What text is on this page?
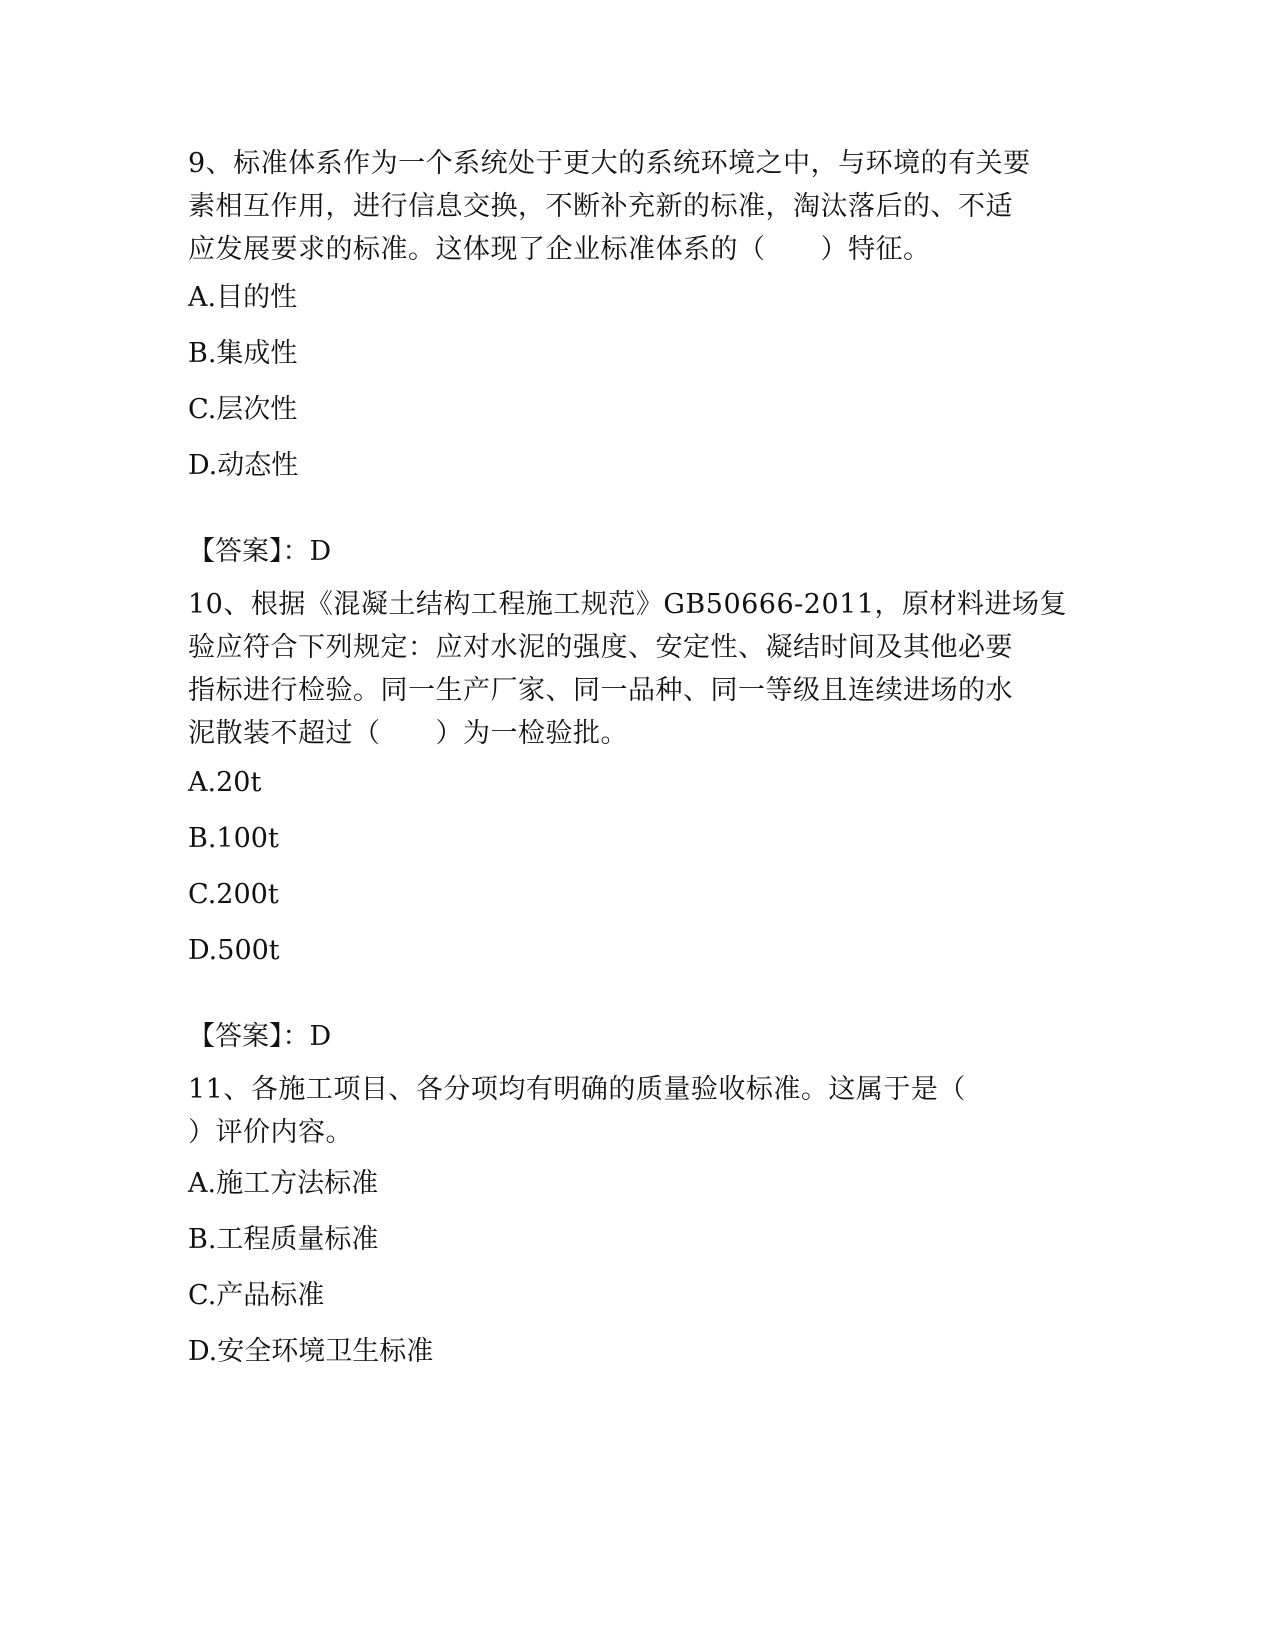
9、标准体系作为一个系统处于更大的系统环境之中，与环境的有关要

素相互作用，进行信息交换，不断补充新的标准，淘汰落后的、不适

应发展要求的标准。这体现了企业标准体系的（　　）特征。

A.目的性

B.集成性

C.层次性

D.动态性

【答案】：D

10、根据《混凝土结构工程施工规范》GB50666-2011，原材料进场复

验应符合下列规定：应对水泥的强度、安定性、凝结时间及其他必要

指标进行检验。同一生产厂家、同一品种、同一等级且连续进场的水

泥散装不超过（　　）为一检验批。

A.20t

B.100t

C.200t

D.500t

【答案】：D

11、各施工项目、各分项均有明确的质量验收标准。这属于是（

）评价内容。

A.施工方法标准

B.工程质量标准

C.产品标准

D.安全环境卫生标准
